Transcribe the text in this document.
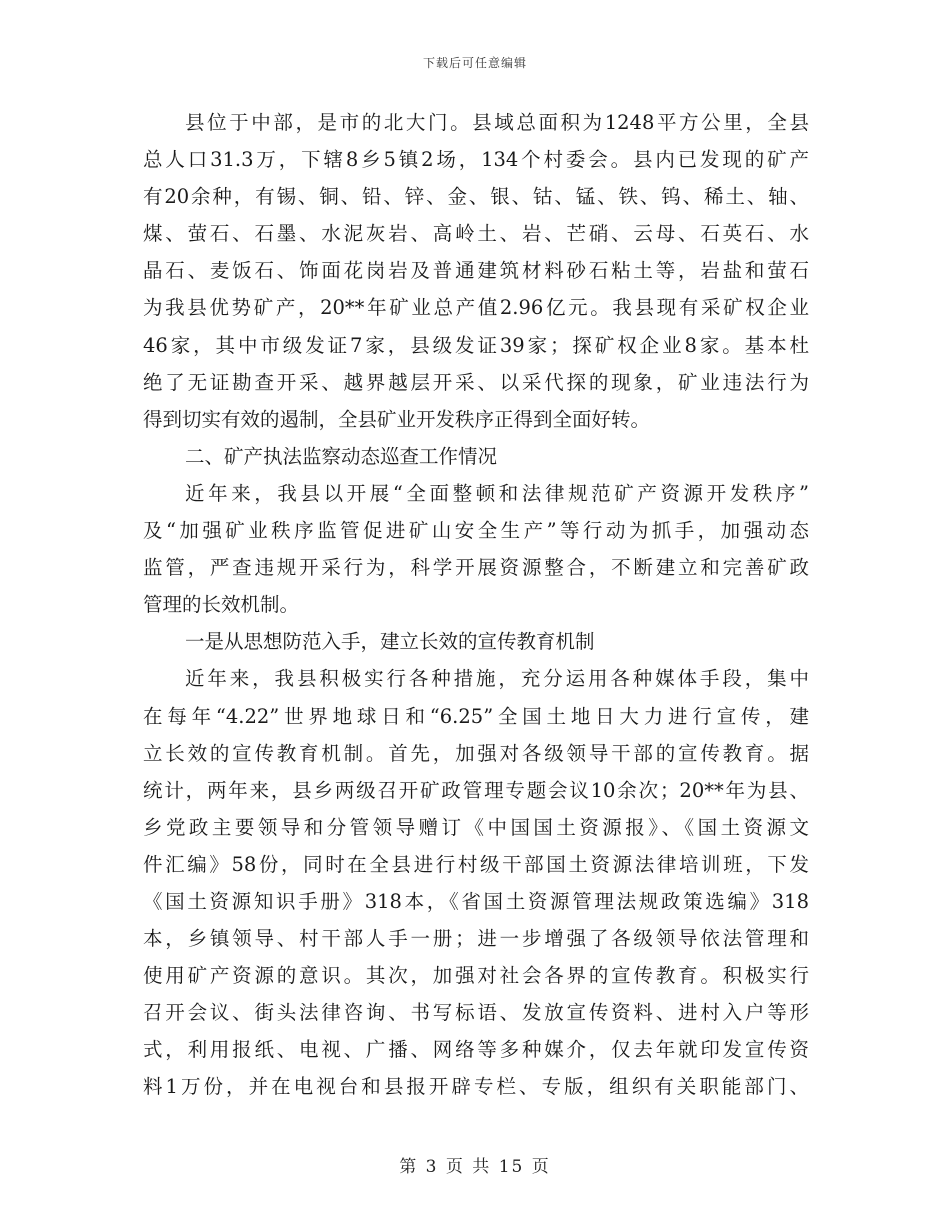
下载后可任意编辑
县位于中部，是市的北大门。县域总面积为1248平方公里，全县
总人口31.3万，下辖8乡5镇2场，134个村委会。县内已发现的矿产
有20余种，有锡、铜、铅、锌、金、银、钴、锰、铁、钨、稀土、轴、
煤、萤石、石墨、水泥灰岩、高岭土、岩、芒硝、云母、石英石、水
晶石、麦饭石、饰面花岗岩及普通建筑材料砂石粘土等，岩盐和萤石
为我县优势矿产，20**年矿业总产值2.96亿元。我县现有采矿权企业
46家，其中市级发证7家，县级发证39家；探矿权企业8家。基本杜
绝了无证勘查开采、越界越层开采、以采代探的现象，矿业违法行为
得到切实有效的遏制，全县矿业开发秩序正得到全面好转。
二、矿产执法监察动态巡查工作情况
近年来，我县以开展“全面整顿和法律规范矿产资源开发秩序”
及“加强矿业秩序监管促进矿山安全生产”等行动为抓手，加强动态
监管，严查违规开采行为，科学开展资源整合，不断建立和完善矿政
管理的长效机制。
一是从思想防范入手，建立长效的宣传教育机制
近年来，我县积极实行各种措施，充分运用各种媒体手段，集中
在每年“4.22”世界地球日和“6.25”全国土地日大力进行宣传，建
立长效的宣传教育机制。首先，加强对各级领导干部的宣传教育。据
统计，两年来，县乡两级召开矿政管理专题会议10余次；20**年为县、
乡党政主要领导和分管领导赠订《中国国土资源报》、《国土资源文
件汇编》58份，同时在全县进行村级干部国土资源法律培训班，下发
《国土资源知识手册》318本，《省国土资源管理法规政策选编》318
本，乡镇领导、村干部人手一册；进一步增强了各级领导依法管理和
使用矿产资源的意识。其次，加强对社会各界的宣传教育。积极实行
召开会议、街头法律咨询、书写标语、发放宣传资料、进村入户等形
式，利用报纸、电视、广播、网络等多种媒介，仅去年就印发宣传资
料1万份，并在电视台和县报开辟专栏、专版，组织有关职能部门、
第 3 页 共 15 页
